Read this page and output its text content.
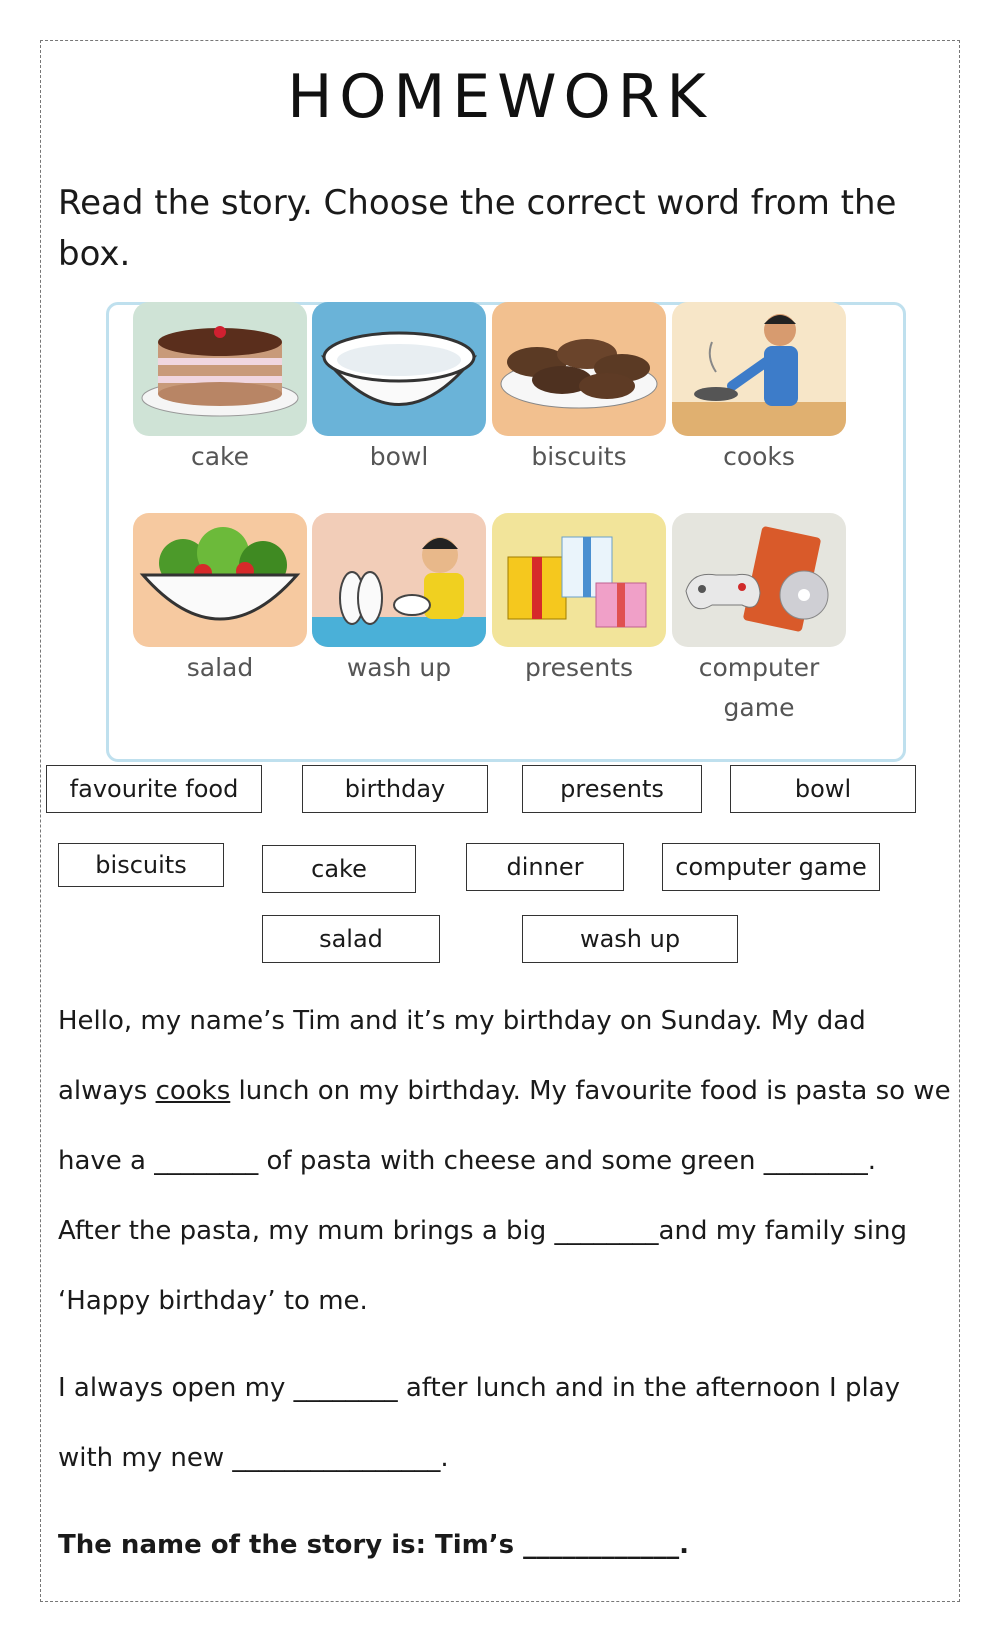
HOMEWORK

Read the story. Choose the correct word from the box.

cake	bowl	biscuits	cooks
salad	wash up	presents	computer game
favourite food	birthday	presents	bowl
biscuits	cake	dinner	computer game
salad	wash up

Hello, my name’s Tim and it’s my birthday on Sunday. My dad

always cooks lunch on my birthday. My favourite food is pasta so we

have a ________ of pasta with cheese and some green ________.

After the pasta, my mum brings a big ________and my family sing

‘Happy birthday’ to me.

I always open my ________ after lunch and in the afternoon I play

with my new ________________.

The name of the story is: Tim’s ____________.
